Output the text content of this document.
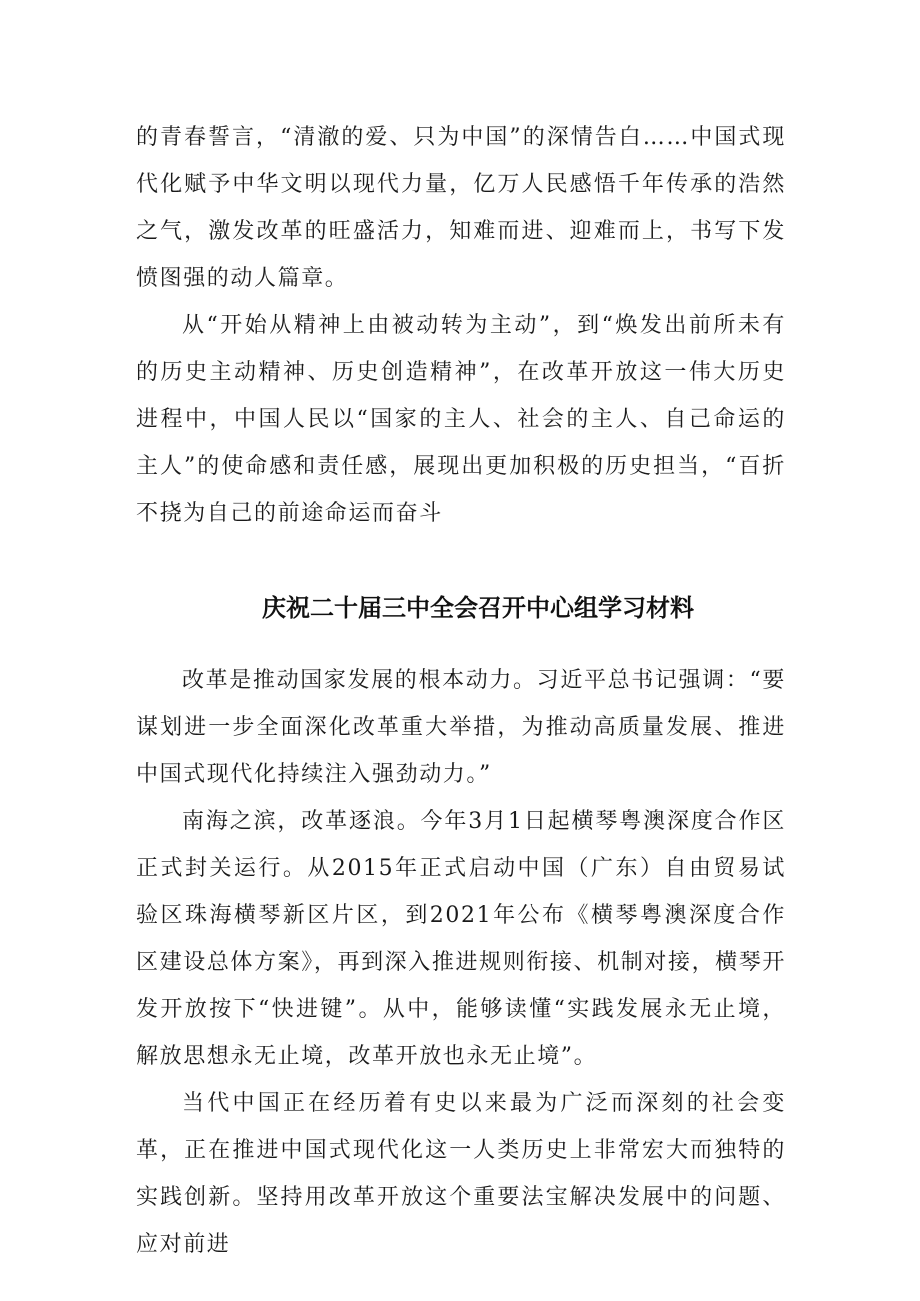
的青春誓言，“清澈的爱、只为中国”的深情告白……中国式现代化赋予中华文明以现代力量，亿万人民感悟千年传承的浩然之气，激发改革的旺盛活力，知难而进、迎难而上，书写下发愤图强的动人篇章。

从“开始从精神上由被动转为主动”，到“焕发出前所未有的历史主动精神、历史创造精神”，在改革开放这一伟大历史进程中，中国人民以“国家的主人、社会的主人、自己命运的主人”的使命感和责任感，展现出更加积极的历史担当，“百折不挠为自己的前途命运而奋斗

庆祝二十届三中全会召开中心组学习材料

改革是推动国家发展的根本动力。习近平总书记强调：“要谋划进一步全面深化改革重大举措，为推动高质量发展、推进中国式现代化持续注入强劲动力。”

南海之滨，改革逐浪。今年3月1日起横琴粤澳深度合作区正式封关运行。从2015年正式启动中国（广东）自由贸易试验区珠海横琴新区片区，到2021年公布《横琴粤澳深度合作区建设总体方案》，再到深入推进规则衔接、机制对接，横琴开发开放按下“快进键”。从中，能够读懂“实践发展永无止境，解放思想永无止境，改革开放也永无止境”。

当代中国正在经历着有史以来最为广泛而深刻的社会变革，正在推进中国式现代化这一人类历史上非常宏大而独特的实践创新。坚持用改革开放这个重要法宝解决发展中的问题、应对前进
